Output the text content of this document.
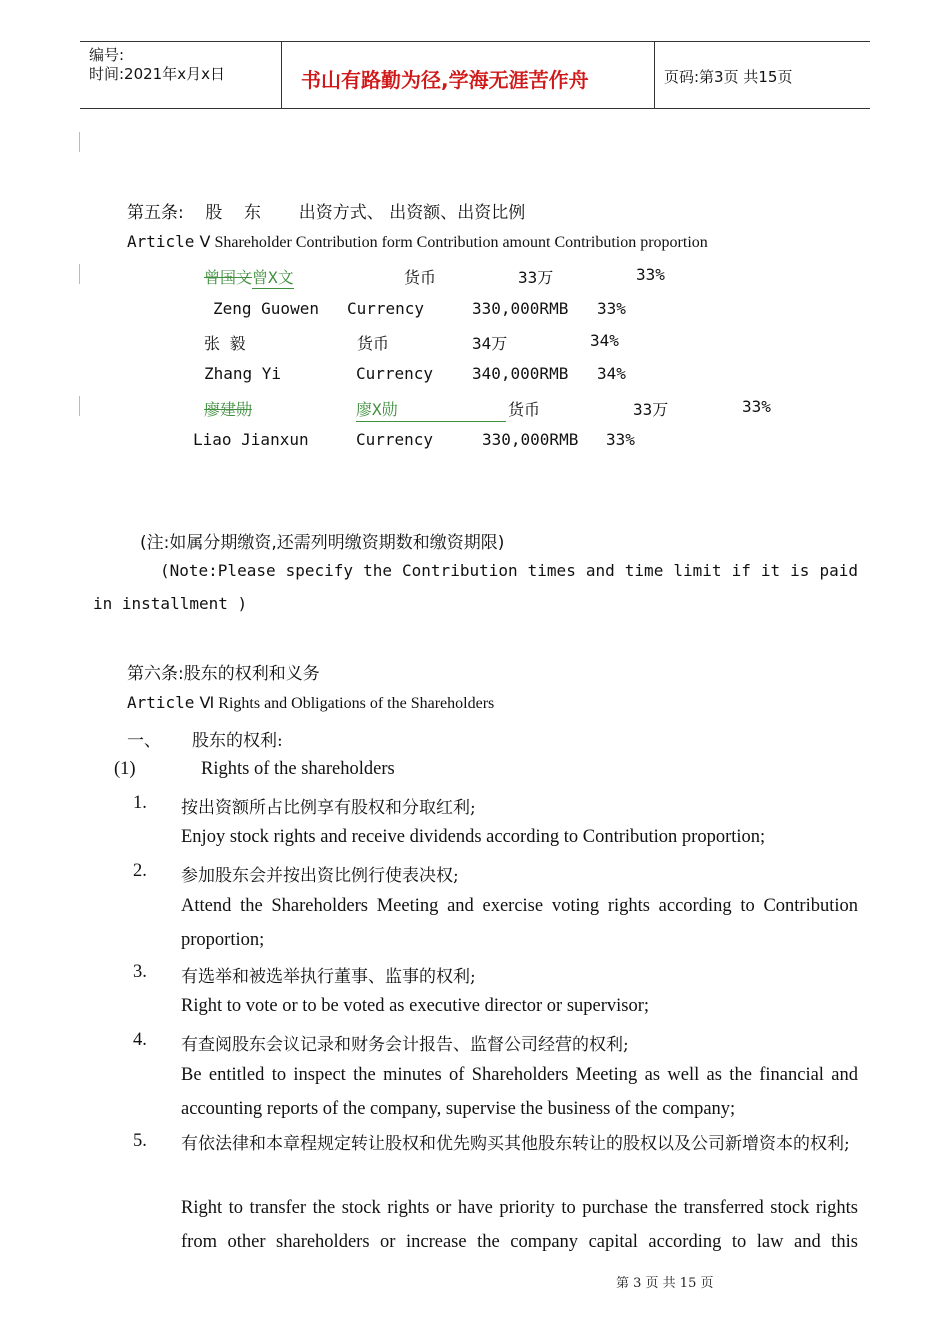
编号:
时间:2021年x月x日	书山有路勤为径,学海无涯苦作舟	页码:第3页 共15页
第五条:    股    东       出资方式、 出资额、出资比例
Article Ⅴ Shareholder Contribution form Contribution amount Contribution proportion
曾国文曾X文	货币	33万	33%
Zeng Guowen Currency	330,000RMB 33%
张 毅	货币	34万	34%
Zhang Yi	Currency 340,000RMB 34%
廖建勋	廖X勋	货币	33万	33%
Liao Jianxun	Currency	330,000RMB 33%
(注:如属分期缴资,还需列明缴资期数和缴资期限)
(Note:Please specify the Contribution times and time limit if it is paid
in installment )
第六条:股东的权利和义务
Article Ⅵ Rights and Obligations of the Shareholders
一、 股东的权利:
(1)	Rights of the shareholders
1. 按出资额所占比例享有股权和分取红利;
Enjoy stock rights and receive dividends according to Contribution proportion;
2. 参加股东会并按出资比例行使表决权;
Attend the Shareholders Meeting and exercise voting rights according to Contribution proportion;
3. 有选举和被选举执行董事、监事的权利;
Right to vote or to be voted as executive director or supervisor;
4. 有查阅股东会议记录和财务会计报告、监督公司经营的权利;
Be entitled to inspect the minutes of Shareholders Meeting as well as the financial and accounting reports of the company, supervise the business of the company;
5. 有依法律和本章程规定转让股权和优先购买其他股东转让的股权以及公司新增资本的权利;
Right to transfer the stock rights or have priority to purchase the transferred stock rights from other shareholders or increase the company capital according to law and this
第 3 页 共 15 页
